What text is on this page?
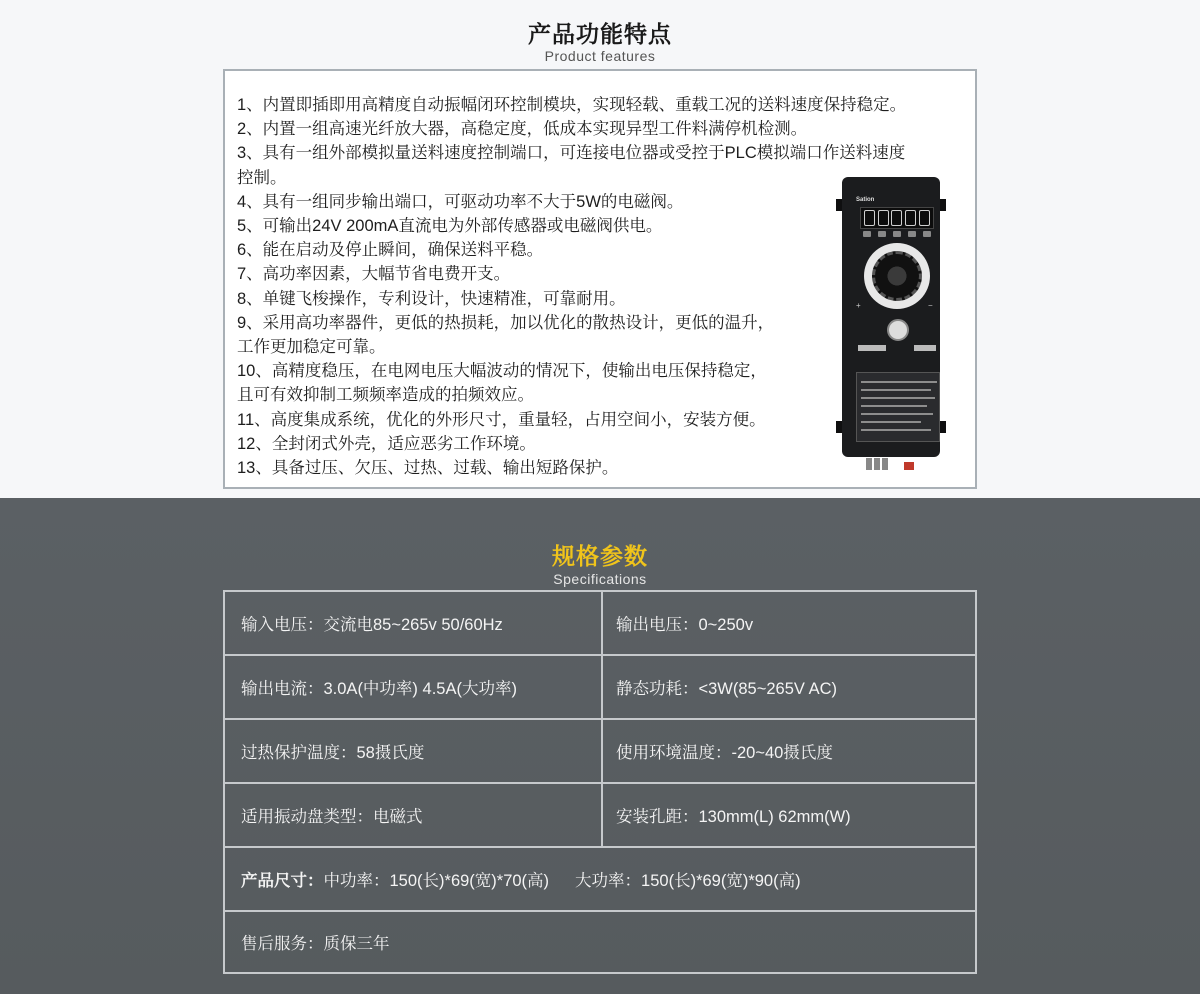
产品功能特点
Product features
1、内置即插即用高精度自动振幅闭环控制模块，实现轻载、重载工况的送料速度保持稳定。
2、内置一组高速光纤放大器，高稳定度，低成本实现异型工件料满停机检测。
3、具有一组外部模拟量送料速度控制端口，可连接电位器或受控于PLC模拟端口作送料速度
控制。
4、具有一组同步输出端口，可驱动功率不大于5W的电磁阀。
5、可输出24V 200mA直流电为外部传感器或电磁阀供电。
6、能在启动及停止瞬间，确保送料平稳。
7、高功率因素，大幅节省电费开支。
8、单键飞梭操作，专利设计，快速精准，可靠耐用。
9、采用高功率器件，更低的热损耗，加以优化的散热设计，更低的温升，
工作更加稳定可靠。
10、高精度稳压，在电网电压大幅波动的情况下，使输出电压保持稳定，
且可有效抑制工频频率造成的拍频效应。
11、高度集成系统，优化的外形尺寸，重量轻，占用空间小，安装方便。
12、全封闭式外壳，适应恶劣工作环境。
13、具备过压、欠压、过热、过载、输出短路保护。
Sation
+	−
规格参数
Specifications
输入电压：交流电85~265v 50/60Hz	输出电压：0~250v
输出电流：3.0A(中功率) 4.5A(大功率)	静态功耗：<3W(85~265V AC)
过热保护温度：58摄氏度	使用环境温度：-20~40摄氏度
适用振动盘类型：电磁式	安装孔距：130mm(L) 62mm(W)
产品尺寸： 中功率：150(长)*69(宽)*70(高) 大功率：150(长)*69(宽)*90(高)
售后服务：质保三年
